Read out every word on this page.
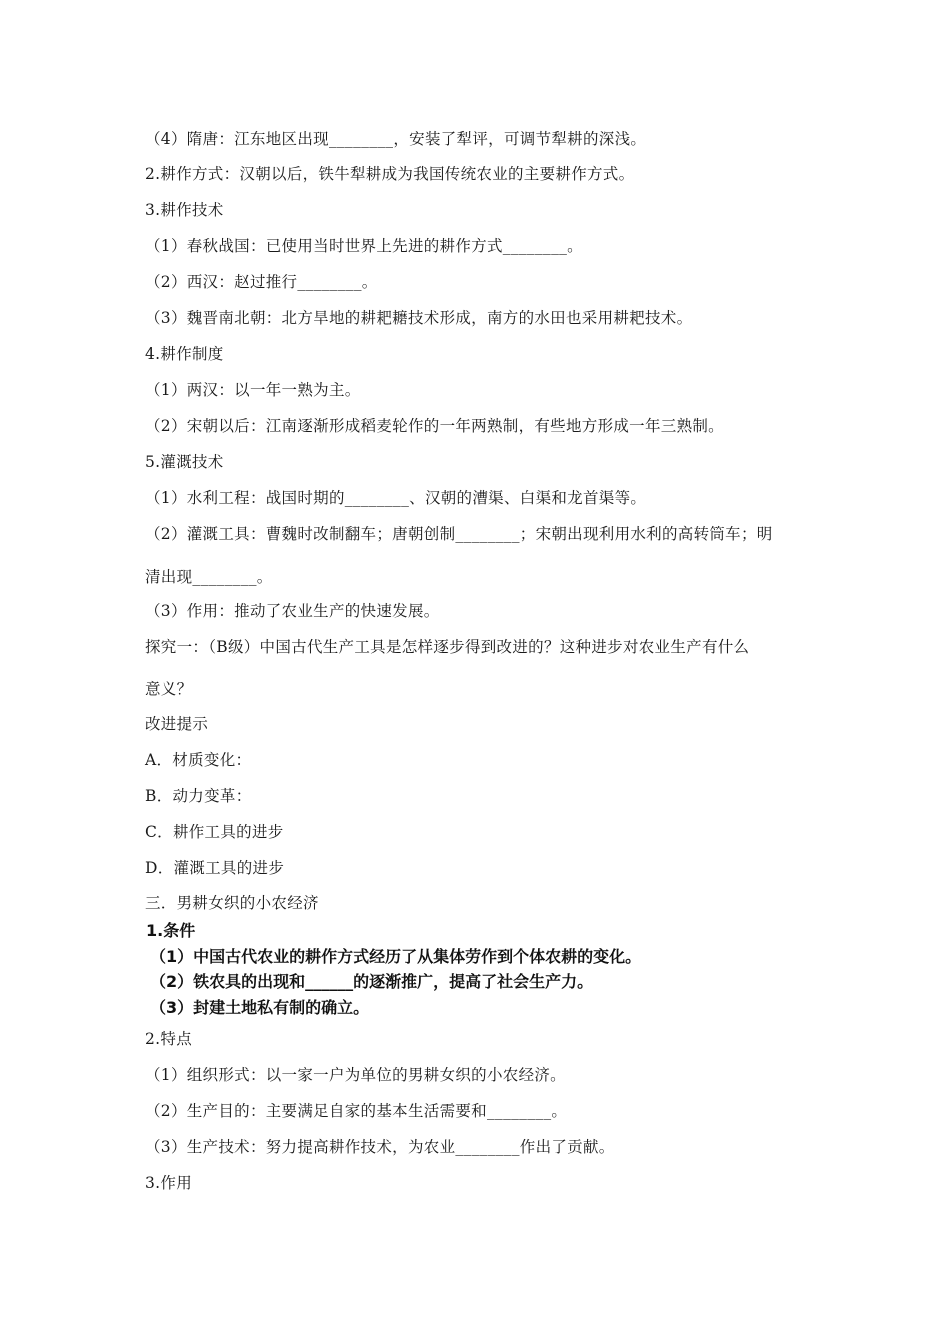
（4）隋唐：江东地区出现________，安装了犁评，可调节犁耕的深浅。
2.耕作方式：汉朝以后，铁牛犁耕成为我国传统农业的主要耕作方式。
3.耕作技术
（1）春秋战国：已使用当时世界上先进的耕作方式________。
（2）西汉：赵过推行________。
（3）魏晋南北朝：北方旱地的耕耙耱技术形成，南方的水田也采用耕耙技术。
4.耕作制度
（1）两汉：以一年一熟为主。
（2）宋朝以后：江南逐渐形成稻麦轮作的一年两熟制，有些地方形成一年三熟制。
5.灌溉技术
（1）水利工程：战国时期的________、汉朝的漕渠、白渠和龙首渠等。
（2）灌溉工具：曹魏时改制翻车；唐朝创制________；宋朝出现利用水利的高转筒车；明
清出现________。
（3）作用：推动了农业生产的快速发展。
探究一：（B级）中国古代生产工具是怎样逐步得到改进的？这种进步对农业生产有什么
意义？
改进提示
A．材质变化：
B．动力变革：
C．耕作工具的进步
D．灌溉工具的进步
三．男耕女织的小农经济
1.条件
（1）中国古代农业的耕作方式经历了从集体劳作到个体农耕的变化。
（2）铁农具的出现和______的逐渐推广，提高了社会生产力。
（3）封建土地私有制的确立。
2.特点
（1）组织形式：以一家一户为单位的男耕女织的小农经济。
（2）生产目的：主要满足自家的基本生活需要和________。
（3）生产技术：努力提高耕作技术，为农业________作出了贡献。
3.作用
